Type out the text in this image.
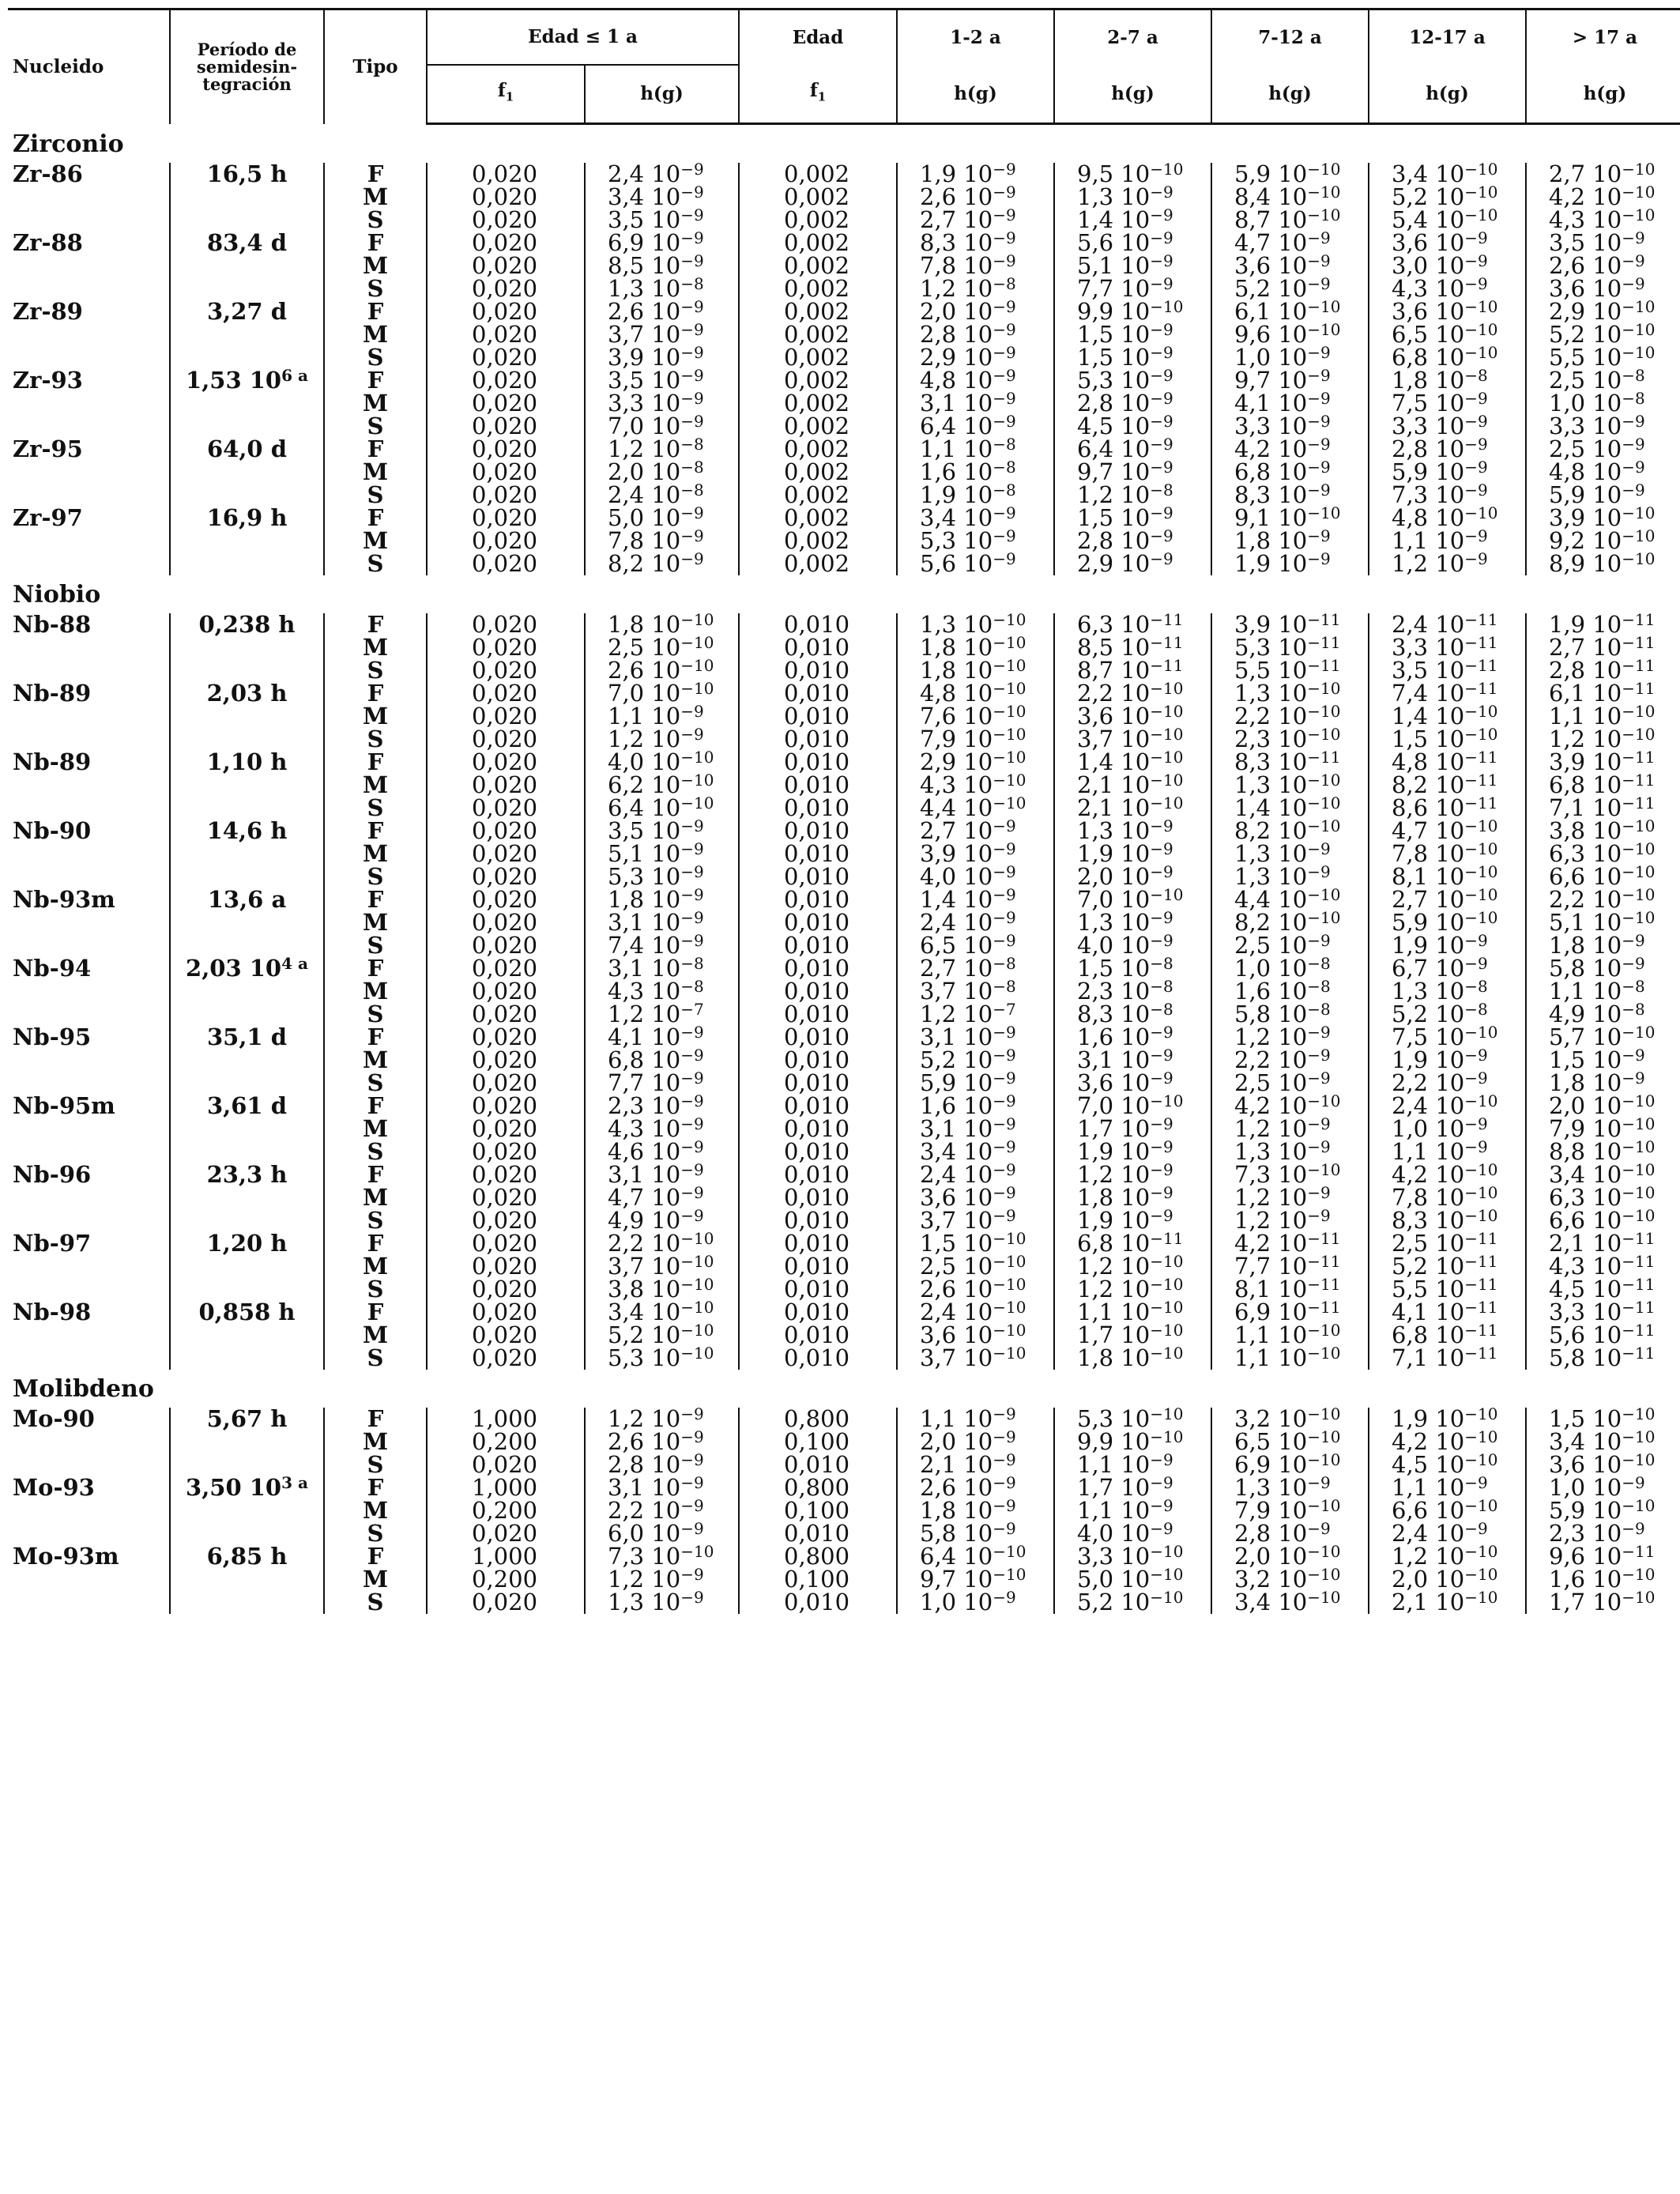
Nucleido	Período de semidesin-tegración	Tipo	Edad ≤ 1 a		Edad	1-2 a	2-7 a	7-12 a	12-17 a	> 17 a
			$f_1$	h(g)	$f_1$	h(g)	h(g)	h(g)	h(g)	h(g)
Zirconio										
Zr-86	16,5 h	F	0,020	2,4 $10^{-9}$	0,002	1,9 $10^{-9}$	9,5 $10^{-10}$	5,9 $10^{-10}$	3,4 $10^{-10}$	2,7 $10^{-10}$
		M	0,020	3,4 $10^{-9}$	0,002	2,6 $10^{-9}$	1,3 $10^{-9}$	8,4 $10^{-10}$	5,2 $10^{-10}$	4,2 $10^{-10}$
		S	0,020	3,5 $10^{-9}$	0,002	2,7 $10^{-9}$	1,4 $10^{-9}$	8,7 $10^{-10}$	5,4 $10^{-10}$	4,3 $10^{-10}$
Zr-88	83,4 d	F	0,020	6,9 $10^{-9}$	0,002	8,3 $10^{-9}$	5,6 $10^{-9}$	4,7 $10^{-9}$	3,6 $10^{-9}$	3,5 $10^{-9}$
		M	0,020	8,5 $10^{-9}$	0,002	7,8 $10^{-9}$	5,1 $10^{-9}$	3,6 $10^{-9}$	3,0 $10^{-9}$	2,6 $10^{-9}$
		S	0,020	1,3 $10^{-8}$	0,002	1,2 $10^{-8}$	7,7 $10^{-9}$	5,2 $10^{-9}$	4,3 $10^{-9}$	3,6 $10^{-9}$
Zr-89	3,27 d	F	0,020	2,6 $10^{-9}$	0,002	2,0 $10^{-9}$	9,9 $10^{-10}$	6,1 $10^{-10}$	3,6 $10^{-10}$	2,9 $10^{-10}$
		M	0,020	3,7 $10^{-9}$	0,002	2,8 $10^{-9}$	1,5 $10^{-9}$	9,6 $10^{-10}$	6,5 $10^{-10}$	5,2 $10^{-10}$
		S	0,020	3,9 $10^{-9}$	0,002	2,9 $10^{-9}$	1,5 $10^{-9}$	1,0 $10^{-9}$	6,8 $10^{-10}$	5,5 $10^{-10}$
Zr-93	1,53 $10^{6 a}$	F	0,020	3,5 $10^{-9}$	0,002	4,8 $10^{-9}$	5,3 $10^{-9}$	9,7 $10^{-9}$	1,8 $10^{-8}$	2,5 $10^{-8}$
		M	0,020	3,3 $10^{-9}$	0,002	3,1 $10^{-9}$	2,8 $10^{-9}$	4,1 $10^{-9}$	7,5 $10^{-9}$	1,0 $10^{-8}$
		S	0,020	7,0 $10^{-9}$	0,002	6,4 $10^{-9}$	4,5 $10^{-9}$	3,3 $10^{-9}$	3,3 $10^{-9}$	3,3 $10^{-9}$
Zr-95	64,0 d	F	0,020	1,2 $10^{-8}$	0,002	1,1 $10^{-8}$	6,4 $10^{-9}$	4,2 $10^{-9}$	2,8 $10^{-9}$	2,5 $10^{-9}$
		M	0,020	2,0 $10^{-8}$	0,002	1,6 $10^{-8}$	9,7 $10^{-9}$	6,8 $10^{-9}$	5,9 $10^{-9}$	4,8 $10^{-9}$
		S	0,020	2,4 $10^{-8}$	0,002	1,9 $10^{-8}$	1,2 $10^{-8}$	8,3 $10^{-9}$	7,3 $10^{-9}$	5,9 $10^{-9}$
Zr-97	16,9 h	F	0,020	5,0 $10^{-9}$	0,002	3,4 $10^{-9}$	1,5 $10^{-9}$	9,1 $10^{-10}$	4,8 $10^{-10}$	3,9 $10^{-10}$
		M	0,020	7,8 $10^{-9}$	0,002	5,3 $10^{-9}$	2,8 $10^{-9}$	1,8 $10^{-9}$	1,1 $10^{-9}$	9,2 $10^{-10}$
		S	0,020	8,2 $10^{-9}$	0,002	5,6 $10^{-9}$	2,9 $10^{-9}$	1,9 $10^{-9}$	1,2 $10^{-9}$	8,9 $10^{-10}$
Niobio										
Nb-88	0,238 h	F	0,020	1,8 $10^{-10}$	0,010	1,3 $10^{-10}$	6,3 $10^{-11}$	3,9 $10^{-11}$	2,4 $10^{-11}$	1,9 $10^{-11}$
		M	0,020	2,5 $10^{-10}$	0,010	1,8 $10^{-10}$	8,5 $10^{-11}$	5,3 $10^{-11}$	3,3 $10^{-11}$	2,7 $10^{-11}$
		S	0,020	2,6 $10^{-10}$	0,010	1,8 $10^{-10}$	8,7 $10^{-11}$	5,5 $10^{-11}$	3,5 $10^{-11}$	2,8 $10^{-11}$
Nb-89	2,03 h	F	0,020	7,0 $10^{-10}$	0,010	4,8 $10^{-10}$	2,2 $10^{-10}$	1,3 $10^{-10}$	7,4 $10^{-11}$	6,1 $10^{-11}$
		M	0,020	1,1 $10^{-9}$	0,010	7,6 $10^{-10}$	3,6 $10^{-10}$	2,2 $10^{-10}$	1,4 $10^{-10}$	1,1 $10^{-10}$
		S	0,020	1,2 $10^{-9}$	0,010	7,9 $10^{-10}$	3,7 $10^{-10}$	2,3 $10^{-10}$	1,5 $10^{-10}$	1,2 $10^{-10}$
Nb-89	1,10 h	F	0,020	4,0 $10^{-10}$	0,010	2,9 $10^{-10}$	1,4 $10^{-10}$	8,3 $10^{-11}$	4,8 $10^{-11}$	3,9 $10^{-11}$
		M	0,020	6,2 $10^{-10}$	0,010	4,3 $10^{-10}$	2,1 $10^{-10}$	1,3 $10^{-10}$	8,2 $10^{-11}$	6,8 $10^{-11}$
		S	0,020	6,4 $10^{-10}$	0,010	4,4 $10^{-10}$	2,1 $10^{-10}$	1,4 $10^{-10}$	8,6 $10^{-11}$	7,1 $10^{-11}$
Nb-90	14,6 h	F	0,020	3,5 $10^{-9}$	0,010	2,7 $10^{-9}$	1,3 $10^{-9}$	8,2 $10^{-10}$	4,7 $10^{-10}$	3,8 $10^{-10}$
		M	0,020	5,1 $10^{-9}$	0,010	3,9 $10^{-9}$	1,9 $10^{-9}$	1,3 $10^{-9}$	7,8 $10^{-10}$	6,3 $10^{-10}$
		S	0,020	5,3 $10^{-9}$	0,010	4,0 $10^{-9}$	2,0 $10^{-9}$	1,3 $10^{-9}$	8,1 $10^{-10}$	6,6 $10^{-10}$
Nb-93m	13,6 a	F	0,020	1,8 $10^{-9}$	0,010	1,4 $10^{-9}$	7,0 $10^{-10}$	4,4 $10^{-10}$	2,7 $10^{-10}$	2,2 $10^{-10}$
		M	0,020	3,1 $10^{-9}$	0,010	2,4 $10^{-9}$	1,3 $10^{-9}$	8,2 $10^{-10}$	5,9 $10^{-10}$	5,1 $10^{-10}$
		S	0,020	7,4 $10^{-9}$	0,010	6,5 $10^{-9}$	4,0 $10^{-9}$	2,5 $10^{-9}$	1,9 $10^{-9}$	1,8 $10^{-9}$
Nb-94	2,03 $10^{4 a}$	F	0,020	3,1 $10^{-8}$	0,010	2,7 $10^{-8}$	1,5 $10^{-8}$	1,0 $10^{-8}$	6,7 $10^{-9}$	5,8 $10^{-9}$
		M	0,020	4,3 $10^{-8}$	0,010	3,7 $10^{-8}$	2,3 $10^{-8}$	1,6 $10^{-8}$	1,3 $10^{-8}$	1,1 $10^{-8}$
		S	0,020	1,2 $10^{-7}$	0,010	1,2 $10^{-7}$	8,3 $10^{-8}$	5,8 $10^{-8}$	5,2 $10^{-8}$	4,9 $10^{-8}$
Nb-95	35,1 d	F	0,020	4,1 $10^{-9}$	0,010	3,1 $10^{-9}$	1,6 $10^{-9}$	1,2 $10^{-9}$	7,5 $10^{-10}$	5,7 $10^{-10}$
		M	0,020	6,8 $10^{-9}$	0,010	5,2 $10^{-9}$	3,1 $10^{-9}$	2,2 $10^{-9}$	1,9 $10^{-9}$	1,5 $10^{-9}$
		S	0,020	7,7 $10^{-9}$	0,010	5,9 $10^{-9}$	3,6 $10^{-9}$	2,5 $10^{-9}$	2,2 $10^{-9}$	1,8 $10^{-9}$
Nb-95m	3,61 d	F	0,020	2,3 $10^{-9}$	0,010	1,6 $10^{-9}$	7,0 $10^{-10}$	4,2 $10^{-10}$	2,4 $10^{-10}$	2,0 $10^{-10}$
		M	0,020	4,3 $10^{-9}$	0,010	3,1 $10^{-9}$	1,7 $10^{-9}$	1,2 $10^{-9}$	1,0 $10^{-9}$	7,9 $10^{-10}$
		S	0,020	4,6 $10^{-9}$	0,010	3,4 $10^{-9}$	1,9 $10^{-9}$	1,3 $10^{-9}$	1,1 $10^{-9}$	8,8 $10^{-10}$
Nb-96	23,3 h	F	0,020	3,1 $10^{-9}$	0,010	2,4 $10^{-9}$	1,2 $10^{-9}$	7,3 $10^{-10}$	4,2 $10^{-10}$	3,4 $10^{-10}$
		M	0,020	4,7 $10^{-9}$	0,010	3,6 $10^{-9}$	1,8 $10^{-9}$	1,2 $10^{-9}$	7,8 $10^{-10}$	6,3 $10^{-10}$
		S	0,020	4,9 $10^{-9}$	0,010	3,7 $10^{-9}$	1,9 $10^{-9}$	1,2 $10^{-9}$	8,3 $10^{-10}$	6,6 $10^{-10}$
Nb-97	1,20 h	F	0,020	2,2 $10^{-10}$	0,010	1,5 $10^{-10}$	6,8 $10^{-11}$	4,2 $10^{-11}$	2,5 $10^{-11}$	2,1 $10^{-11}$
		M	0,020	3,7 $10^{-10}$	0,010	2,5 $10^{-10}$	1,2 $10^{-10}$	7,7 $10^{-11}$	5,2 $10^{-11}$	4,3 $10^{-11}$
		S	0,020	3,8 $10^{-10}$	0,010	2,6 $10^{-10}$	1,2 $10^{-10}$	8,1 $10^{-11}$	5,5 $10^{-11}$	4,5 $10^{-11}$
Nb-98	0,858 h	F	0,020	3,4 $10^{-10}$	0,010	2,4 $10^{-10}$	1,1 $10^{-10}$	6,9 $10^{-11}$	4,1 $10^{-11}$	3,3 $10^{-11}$
		M	0,020	5,2 $10^{-10}$	0,010	3,6 $10^{-10}$	1,7 $10^{-10}$	1,1 $10^{-10}$	6,8 $10^{-11}$	5,6 $10^{-11}$
		S	0,020	5,3 $10^{-10}$	0,010	3,7 $10^{-10}$	1,8 $10^{-10}$	1,1 $10^{-10}$	7,1 $10^{-11}$	5,8 $10^{-11}$
Molibdeno										
Mo-90	5,67 h	F	1,000	1,2 $10^{-9}$	0,800	1,1 $10^{-9}$	5,3 $10^{-10}$	3,2 $10^{-10}$	1,9 $10^{-10}$	1,5 $10^{-10}$
		M	0,200	2,6 $10^{-9}$	0,100	2,0 $10^{-9}$	9,9 $10^{-10}$	6,5 $10^{-10}$	4,2 $10^{-10}$	3,4 $10^{-10}$
		S	0,020	2,8 $10^{-9}$	0,010	2,1 $10^{-9}$	1,1 $10^{-9}$	6,9 $10^{-10}$	4,5 $10^{-10}$	3,6 $10^{-10}$
Mo-93	3,50 $10^{3 a}$	F	1,000	3,1 $10^{-9}$	0,800	2,6 $10^{-9}$	1,7 $10^{-9}$	1,3 $10^{-9}$	1,1 $10^{-9}$	1,0 $10^{-9}$
		M	0,200	2,2 $10^{-9}$	0,100	1,8 $10^{-9}$	1,1 $10^{-9}$	7,9 $10^{-10}$	6,6 $10^{-10}$	5,9 $10^{-10}$
		S	0,020	6,0 $10^{-9}$	0,010	5,8 $10^{-9}$	4,0 $10^{-9}$	2,8 $10^{-9}$	2,4 $10^{-9}$	2,3 $10^{-9}$
Mo-93m	6,85 h	F	1,000	7,3 $10^{-10}$	0,800	6,4 $10^{-10}$	3,3 $10^{-10}$	2,0 $10^{-10}$	1,2 $10^{-10}$	9,6 $10^{-11}$
		M	0,200	1,2 $10^{-9}$	0,100	9,7 $10^{-10}$	5,0 $10^{-10}$	3,2 $10^{-10}$	2,0 $10^{-10}$	1,6 $10^{-10}$
		S	0,020	1,3 $10^{-9}$	0,010	1,0 $10^{-9}$	5,2 $10^{-10}$	3,4 $10^{-10}$	2,1 $10^{-10}$	1,7 $10^{-10}$
